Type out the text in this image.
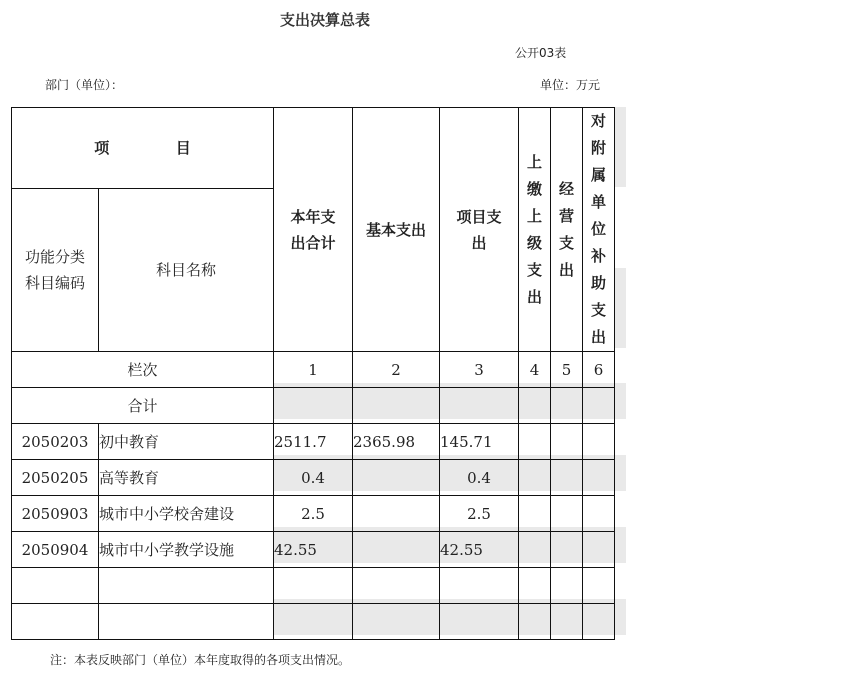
支出决算总表
公开03表
部门（单位）：	单位：万元
项 目		本年支出合计	基本支出	项目支出	上缴上级支出	经营支出	对附属单位补助支出

功能分类科目编码	科目名称						
栏次		1	2	3	4	5	6
合计							
2050203	初中教育	2511.7	2365.98	145.71			
2050205	高等教育	0.4		0.4			
2050903	城市中小学校舍建设	2.5		2.5			
2050904	城市中小学教学设施	42.55		42.55			

注：本表反映部门（单位）本年度取得的各项支出情况。
